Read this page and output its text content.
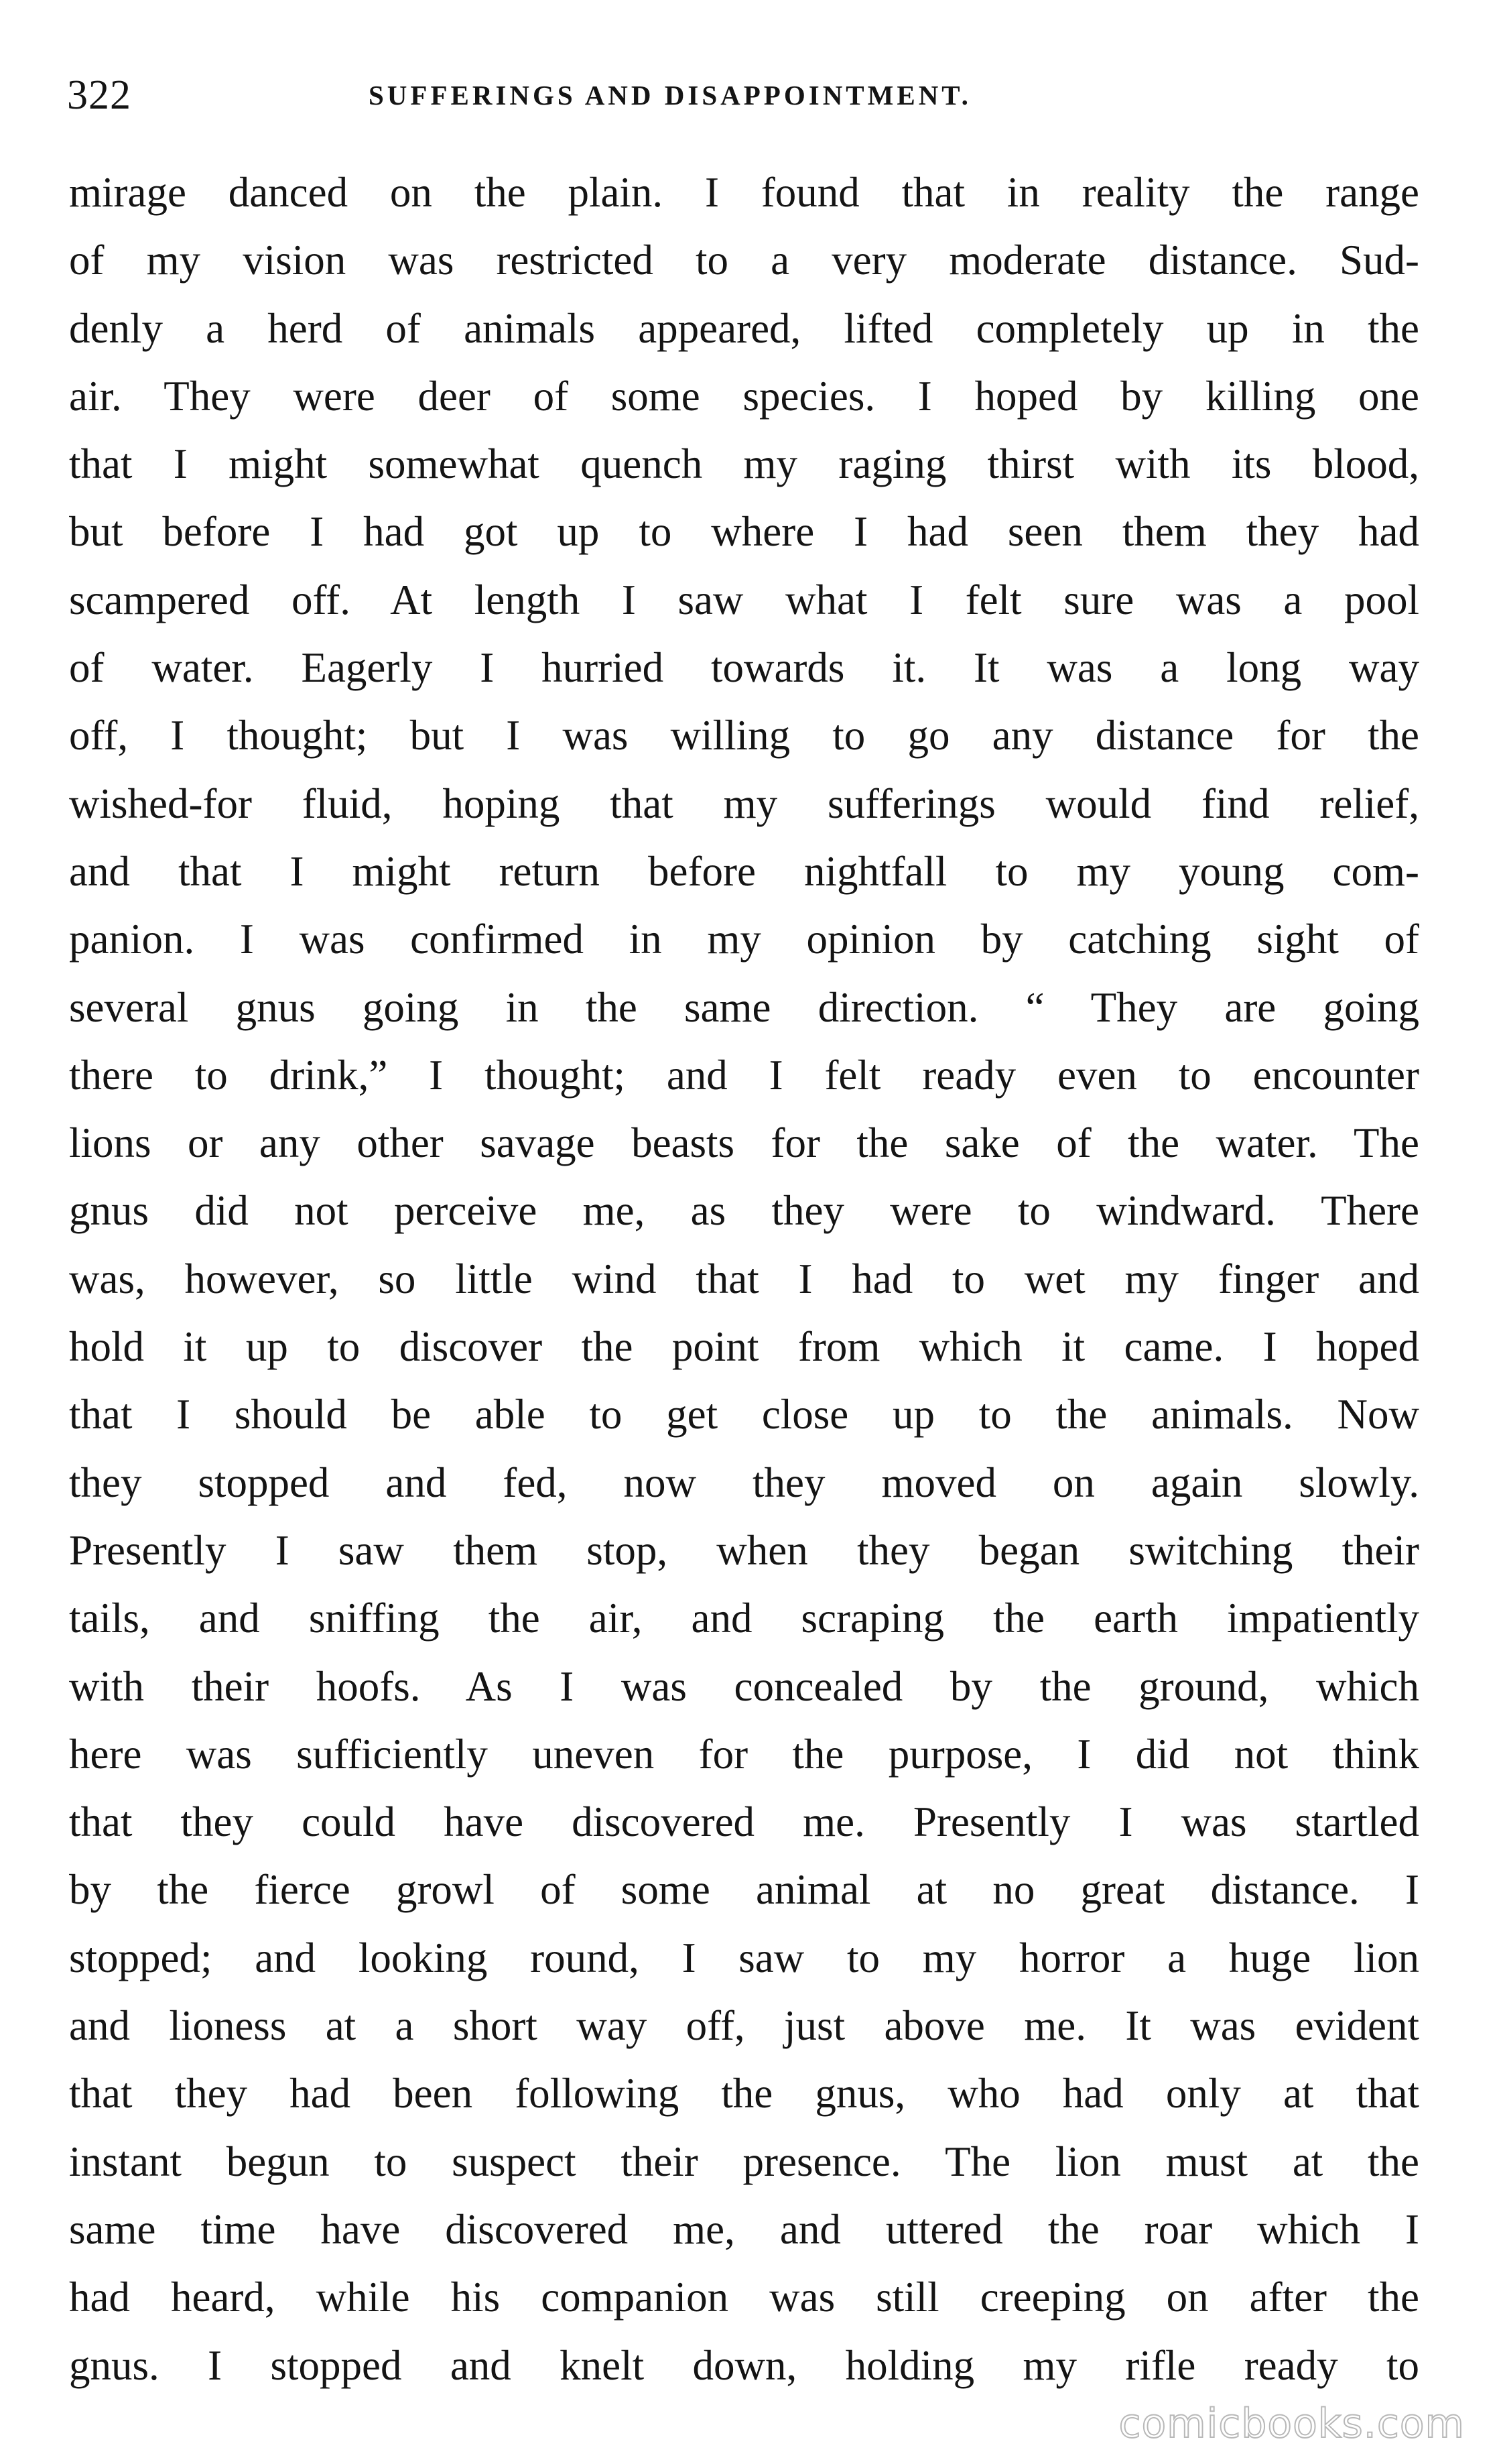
322	SUFFERINGS AND DISAPPOINTMENT.
mirage danced on the plain. I found that in reality the range
of my vision was restricted to a very moderate distance. Sud-
denly a herd of animals appeared, lifted completely up in the
air. They were deer of some species. I hoped by killing one
that I might somewhat quench my raging thirst with its blood,
but before I had got up to where I had seen them they had
scampered off. At length I saw what I felt sure was a pool
of water. Eagerly I hurried towards it. It was a long way
off, I thought; but I was willing to go any distance for the
wished-for fluid, hoping that my sufferings would find relief,
and that I might return before nightfall to my young com-
panion. I was confirmed in my opinion by catching sight of
several gnus going in the same direction. “ They are going
there to drink,” I thought; and I felt ready even to encounter
lions or any other savage beasts for the sake of the water. The
gnus did not perceive me, as they were to windward. There
was, however, so little wind that I had to wet my finger and
hold it up to discover the point from which it came. I hoped
that I should be able to get close up to the animals. Now
they stopped and fed, now they moved on again slowly.
Presently I saw them stop, when they began switching their
tails, and sniffing the air, and scraping the earth impatiently
with their hoofs. As I was concealed by the ground, which
here was sufficiently uneven for the purpose, I did not think
that they could have discovered me. Presently I was startled
by the fierce growl of some animal at no great distance. I
stopped; and looking round, I saw to my horror a huge lion
and lioness at a short way off, just above me. It was evident
that they had been following the gnus, who had only at that
instant begun to suspect their presence. The lion must at the
same time have discovered me, and uttered the roar which I
had heard, while his companion was still creeping on after the
gnus. I stopped and knelt down, holding my rifle ready to
comicbooks.com
